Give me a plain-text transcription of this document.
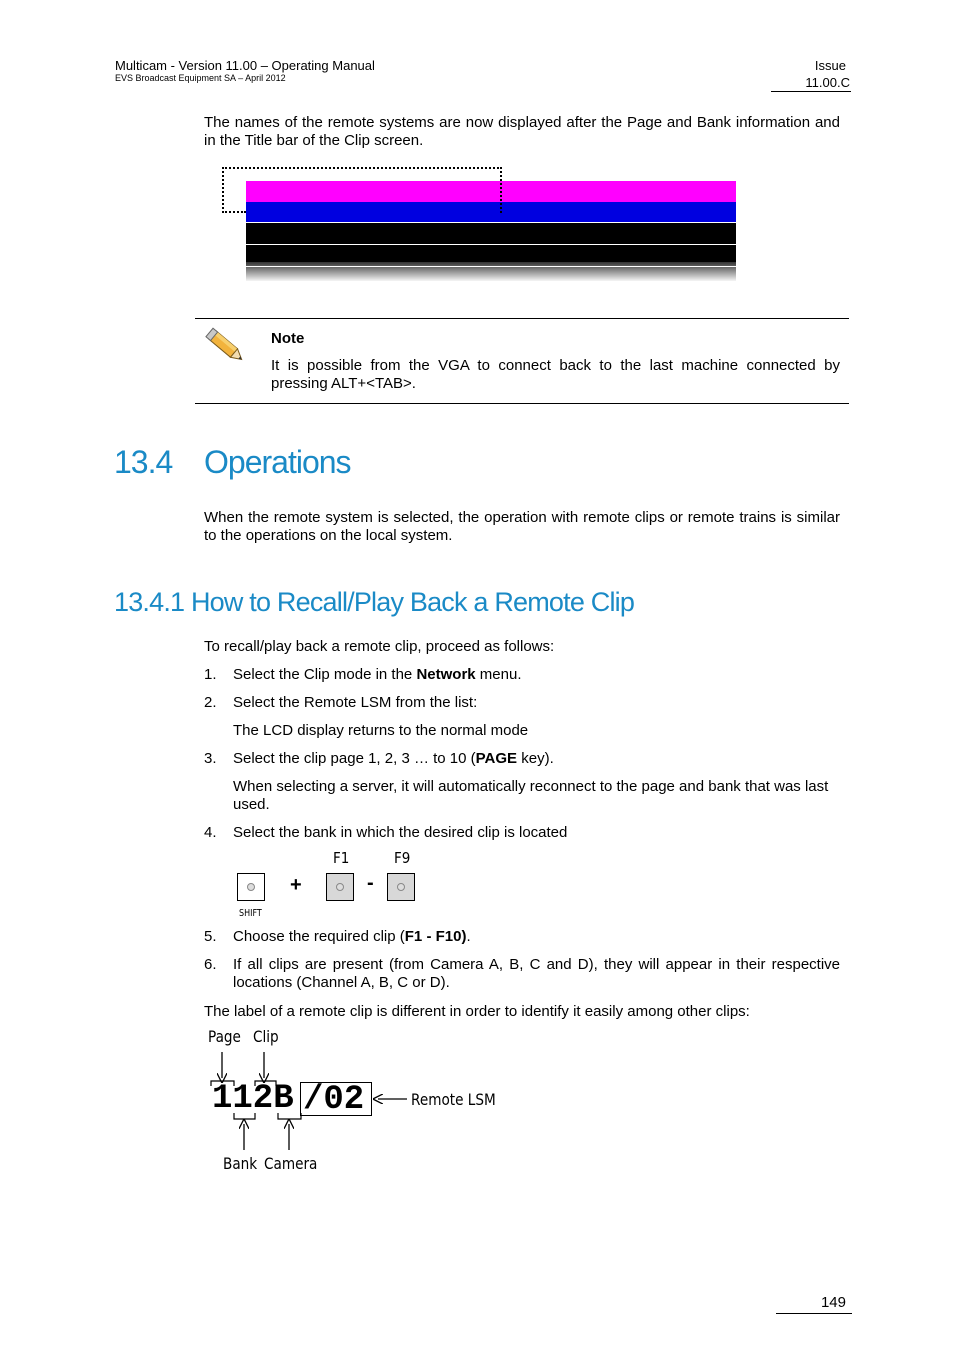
Multicam - Version 11.00 – Operating Manual
EVS Broadcast Equipment SA – April 2012
Issue
11.00.C
The names of the remote systems are now displayed after the Page and Bank information and in the Title bar of the Clip screen.

Note
It is possible from the VGA to connect back to the last machine connected by pressing ALT+<TAB>.
13.4 Operations
When the remote system is selected, the operation with remote clips or remote trains is similar to the operations on the local system.
13.4.1 How to Recall/Play Back a Remote Clip
To recall/play back a remote clip, proceed as follows:
1. Select the Clip mode in the Network menu.
2. Select the Remote LSM from the list:
The LCD display returns to the normal mode
3. Select the clip page 1, 2, 3 … to 10 (PAGE key).
When selecting a server, it will automatically reconnect to the page and bank that was last used.
4. Select the bank in which the desired clip is located
SHIFT
+
F1
-
F9
5. Choose the required clip (F1 - F10).
6. If all clips are present (from Camera A, B, C and D), they will appear in their respective locations (Channel A, B, C or D).
The label of a remote clip is different in order to identify it easily among other clips:
Page Clip
Bank Camera
Remote LSM
112B /02
149
